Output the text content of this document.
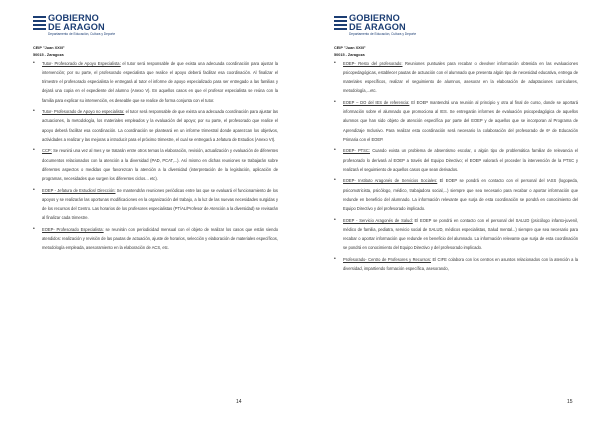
GOBIERNO
DE ARAGON
Departamento de Educación, Cultura y Deporte
CEIP "Juan XXIII"
50015 - Zaragoza
• Tutor- Profesorado de Apoyo Especialista: el tutor será responsable de que exista una adecuada coordinación para ajustar la intervención; por su parte, el profesorado especialista que realice el apoyo deberá facilitar esa coordinación. Al finalizar el trimestre el profesorado especialista le entregará al tutor el informe de apoyo especializado para ser entregado a las familias y dejará una copia en el expediente del alumno (Anexo V). En aquellos casos en que el profesor especialista se reúna con la familia para explicar su intervención, es deseable que se realice de forma conjunta con el tutor.
• Tutor- Profesorado de Apoyo no especialista: el tutor será responsable de que exista una adecuada coordinación para ajustar las actuaciones, la metodología, los materiales empleados y la evaluación del apoyo; por su parte, el profesorado que realice el apoyo deberá facilitar esa coordinación. La coordinación se planteará en un informe trimestral donde aparezcan los objetivos, actividades a realizar y las mejoras a introducir para el próximo trimestre, el cual se entregará a Jefatura de Estudios (Anexo VI).
• CCP: Se reunirá una vez al mes y se tratarán entre otros temas la elaboración, revisión, actualización y evaluación de diferentes documentos relacionados con la atención a la diversidad (PAD, PCAT,...). Así mismo en dichas reuniones se trabajarán sobre diferentes aspectos o medidas que favorezcan la atención a la diversidad (interpretación de la legislación, aplicación de programas, necesidades que surgen los diferentes ciclos... etc).
• EOEP - Jefatura de Estudios/ Dirección: Se mantendrán reuniones periódicas entre las que se evaluará el funcionamiento de los apoyos y se realizarán las oportunas modificaciones en la organización del trabajo, a la luz de las nuevas necesidades surgidas y de los recursos del Centro. Las horarios de los profesores especialistas (PT/AL/Profesor de Atención a la diversidad) se revisarán al finalizar cada trimestre.
• EOEP- Profesorado Especialista: se reunirán con periodicidad mensual con el objeto de realizar los casos que están siendo atendidos: realización y revisión de las pautas de actuación, ajuste de horarios, selección y elaboración de materiales específicos, metodología empleada, asesoramiento en la elaboración de ACS, etc.
14
GOBIERNO
DE ARAGON
Departamento de Educación, Cultura y Deporte
CEIP "Juan XXIII"
50015 - Zaragoza
• EOEP- Resto del profesorado: Reuniones puntuales para recabar o devolver información obtenida en las evaluaciones psicopedagógicas, establecer pautas de actuación con el alumnado que presenta algún tipo de necesidad educativa, entrega de materiales específicos, realizar el seguimiento de alumnos, asesorar en la elaboración de adaptaciones curriculares, metodología,...etc.
• EOEP – DO del IES de referencia: El EOEP mantendrá una reunión al principio y otra al final de curso, donde se aportará información sobre el alumnado que promociona al IES. Se entregarán informes de evaluación psicopedagógica de aquellos alumnos que han sido objeto de atención específica por parte del EOEP y de aquellos que se incorporan al Programa de Aprendizaje Inclusivo. Para realizar esta coordinación será necesario la colaboración del profesorado de 6º de Educación Primaria con el EOEP.
• EOEP- PTSC: Cuando exista un problema de absentismo escolar, o algún tipo de problemática familiar de relevancia el profesorado lo derivará al EOEP a través del Equipo Directivo; el EOEP valorará el proceder la intervención de la PTSC y realizará el seguimiento de aquellos casos que sean derivados.
• EOEP- Instituto Aragonés de Servicios Sociales: El EOEP se pondrá en contacto con el personal del IASS (logopeda, psicomotricista, psicólogo, médico, trabajadora social,...) siempre que sea necesario para recabar o aportar información que redunde en beneficio del alumnado. La información relevante que surja de esta coordinación se pondrá en conocimiento del Equipo Directivo y del profesorado implicado.
• EOEP - Servicio Aragonés de Salud: El EOEP se pondrá en contacto con el personal del SALUD (psicólogo infanto-juvenil, médico de familia, pediatra, servicio social de SALUD, médicos especialistas, Salud mental...) siempre que sea necesario para recabar o aportar información que redunde en beneficio del alumnado. La información relevante que surja de esta coordinación se pondrá en conocimiento del Equipo Directivo y del profesorado implicado.
• Profesorado- Centro de Profesores y Recursos: El CIFE colabora con los centros en asuntos relacionados con la atención a la diversidad, impartiendo formación específica, asesorando,
15
